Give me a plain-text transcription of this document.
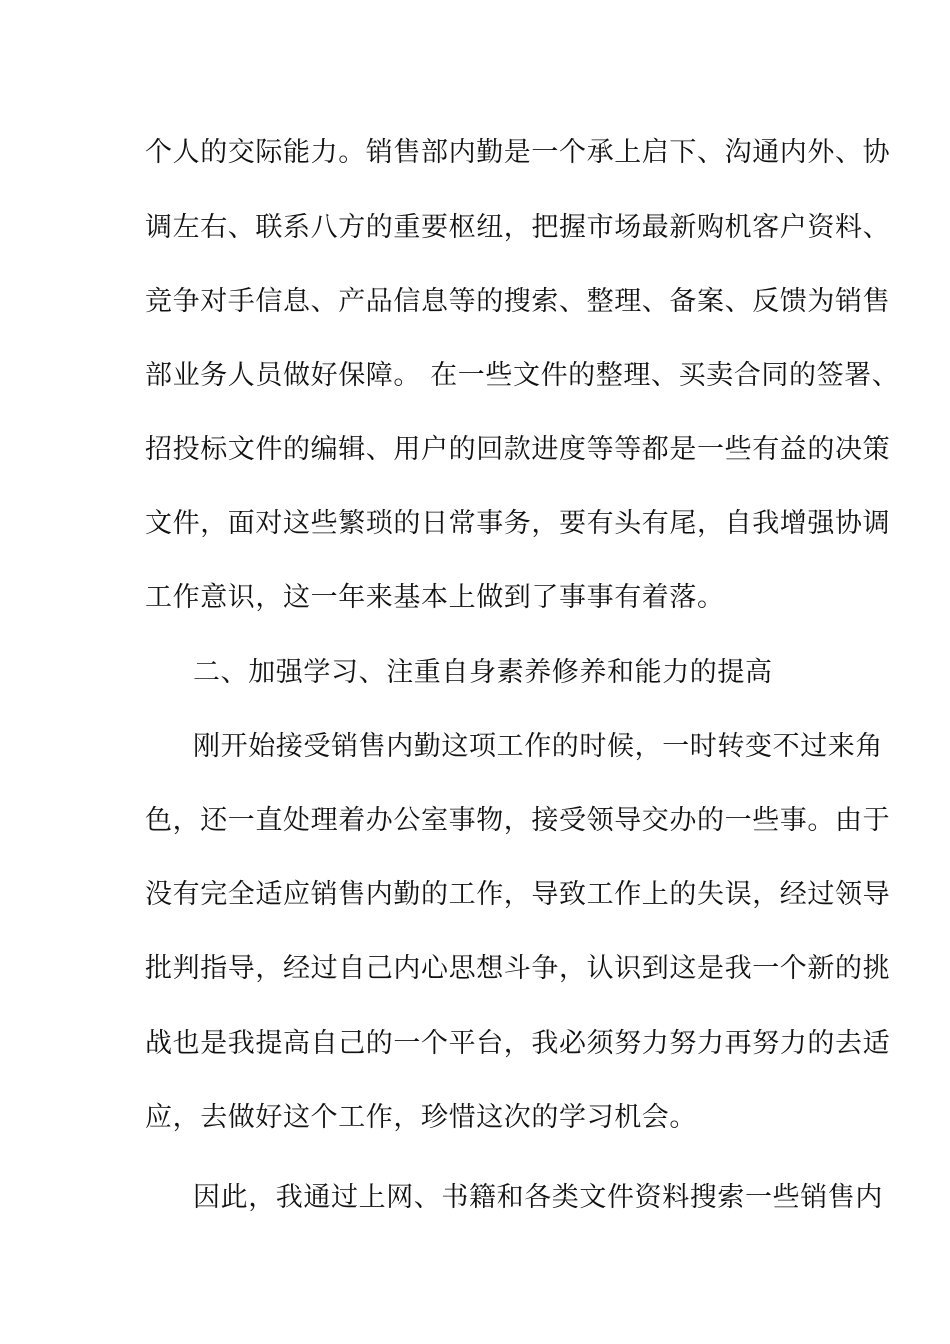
个人的交际能力。销售部内勤是一个承上启下、沟通内外、协
调左右、联系八方的重要枢纽，把握市场最新购机客户资料、
竞争对手信息、产品信息等的搜索、整理、备案、反馈为销售
部业务人员做好保障。 在一些文件的整理、买卖合同的签署、
招投标文件的编辑、用户的回款进度等等都是一些有益的决策
文件，面对这些繁琐的日常事务，要有头有尾，自我增强协调
工作意识，这一年来基本上做到了事事有着落。
二、加强学习、注重自身素养修养和能力的提高
刚开始接受销售内勤这项工作的时候，一时转变不过来角
色，还一直处理着办公室事物，接受领导交办的一些事。由于
没有完全适应销售内勤的工作，导致工作上的失误，经过领导
批判指导，经过自己内心思想斗争，认识到这是我一个新的挑
战也是我提高自己的一个平台，我必须努力努力再努力的去适
应，去做好这个工作，珍惜这次的学习机会。
因此，我通过上网、书籍和各类文件资料搜索一些销售内
